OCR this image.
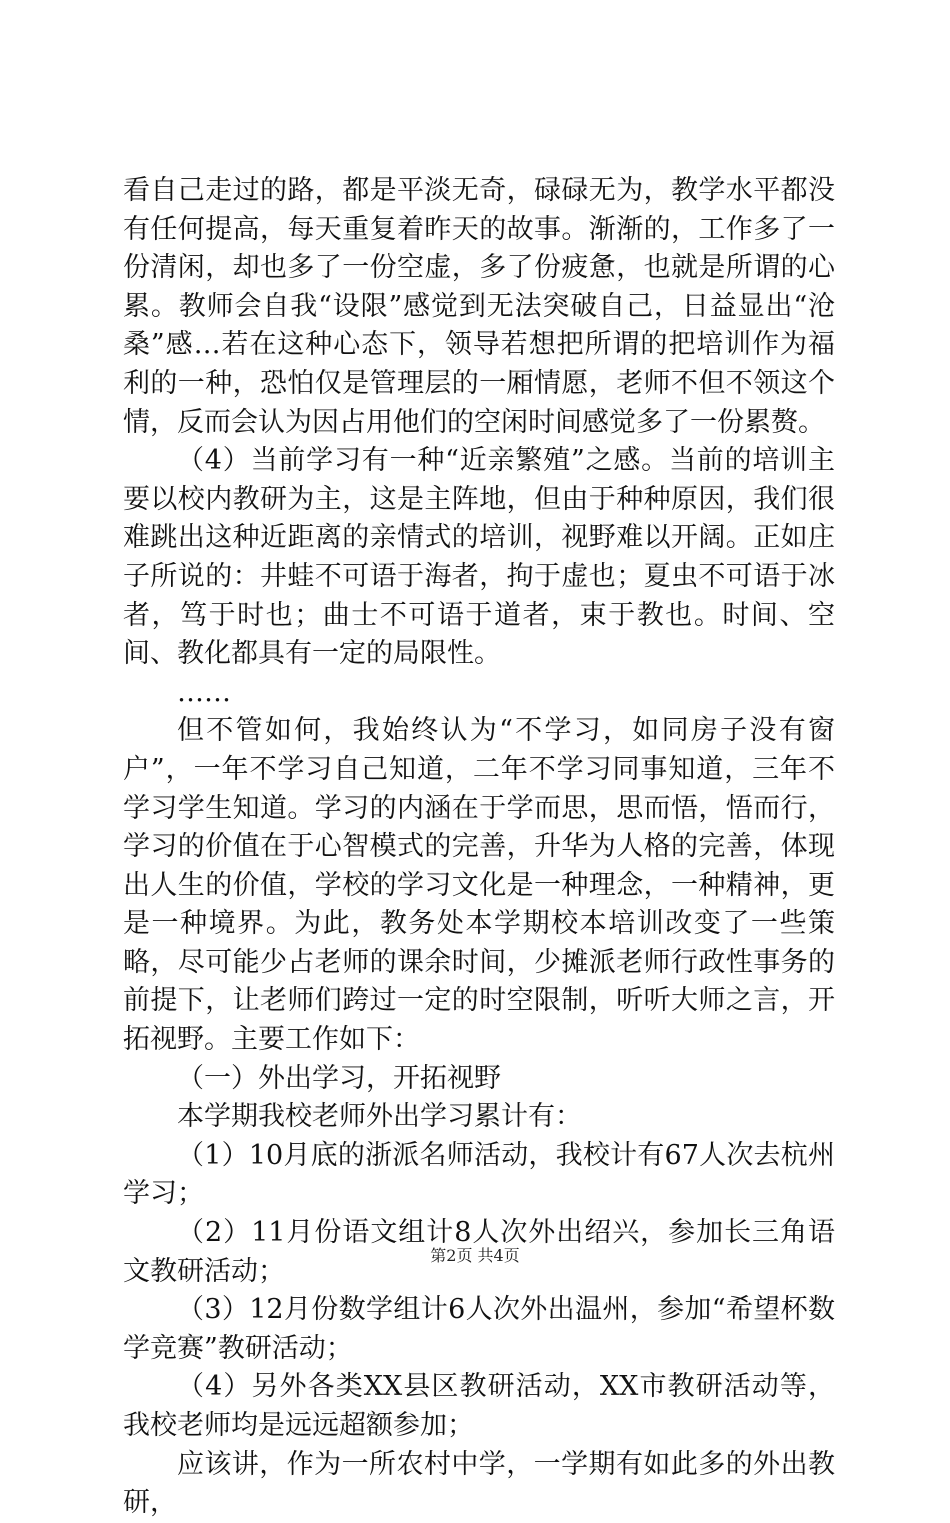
看自己走过的路，都是平淡无奇，碌碌无为，教学水平都没有任何提高，每天重复着昨天的故事。渐渐的，工作多了一份清闲，却也多了一份空虚，多了份疲惫，也就是所谓的心累。教师会自我“设限”感觉到无法突破自己，日益显出“沧桑”感…若在这种心态下，领导若想把所谓的把培训作为福利的一种，恐怕仅是管理层的一厢情愿，老师不但不领这个情，反而会认为因占用他们的空闲时间感觉多了一份累赘。

（4）当前学习有一种“近亲繁殖”之感。当前的培训主要以校内教研为主，这是主阵地，但由于种种原因，我们很难跳出这种近距离的亲情式的培训，视野难以开阔。正如庄子所说的：井蛙不可语于海者，拘于虚也；夏虫不可语于冰者，笃于时也；曲士不可语于道者，束于教也。时间、空间、教化都具有一定的局限性。

……

但不管如何，我始终认为“不学习，如同房子没有窗户”，一年不学习自己知道，二年不学习同事知道，三年不学习学生知道。学习的内涵在于学而思，思而悟，悟而行，学习的价值在于心智模式的完善，升华为人格的完善，体现出人生的价值，学校的学习文化是一种理念，一种精神，更是一种境界。为此，教务处本学期校本培训改变了一些策略，尽可能少占老师的课余时间，少摊派老师行政性事务的前提下，让老师们跨过一定的时空限制，听听大师之言，开拓视野。主要工作如下：

（一）外出学习，开拓视野

本学期我校老师外出学习累计有：

（1）10月底的浙派名师活动，我校计有67人次去杭州学习；

（2）11月份语文组计8人次外出绍兴，参加长三角语文教研活动；

（3）12月份数学组计6人次外出温州，参加“希望杯数学竞赛”教研活动；

（4）另外各类XX县区教研活动，XX市教研活动等，我校老师均是远远超额参加；

应该讲，作为一所农村中学，一学期有如此多的外出教研，

第2页 共4页
